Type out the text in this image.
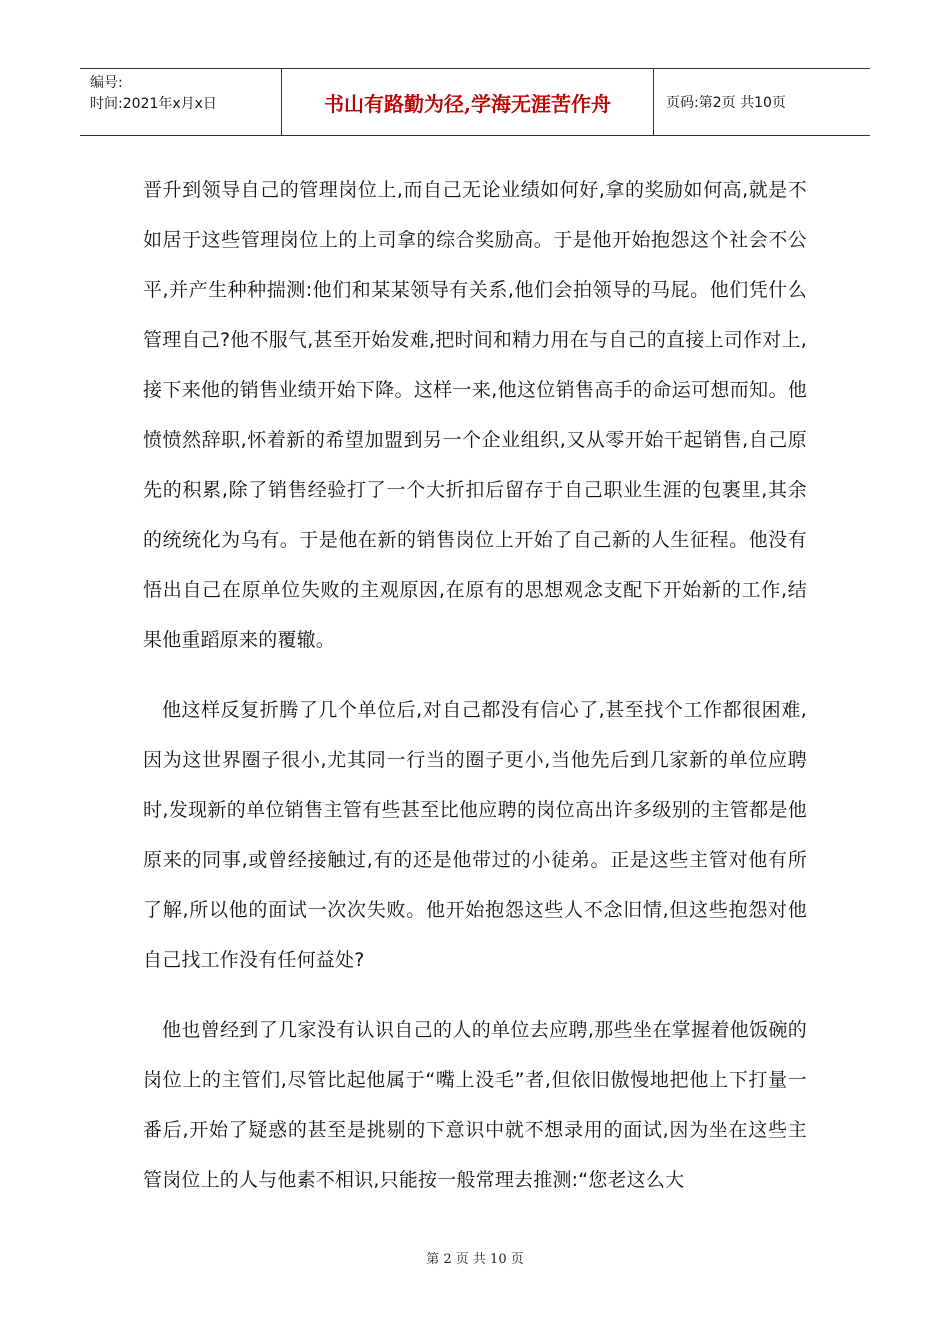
编号:
时间:2021年x月x日	书山有路勤为径,学海无涯苦作舟	页码:第2页 共10页

晋升到领导自己的管理岗位上,而自己无论业绩如何好,拿的奖励如何高,就是不如居于这些管理岗位上的上司拿的综合奖励高。于是他开始抱怨这个社会不公平,并产生种种揣测:他们和某某领导有关系,他们会拍领导的马屁。他们凭什么管理自己?他不服气,甚至开始发难,把时间和精力用在与自己的直接上司作对上,接下来他的销售业绩开始下降。这样一来,他这位销售高手的命运可想而知。他愤愤然辞职,怀着新的希望加盟到另一个企业组织,又从零开始干起销售,自己原先的积累,除了销售经验打了一个大折扣后留存于自己职业生涯的包裹里,其余的统统化为乌有。于是他在新的销售岗位上开始了自己新的人生征程。他没有悟出自己在原单位失败的主观原因,在原有的思想观念支配下开始新的工作,结果他重蹈原来的覆辙。

他这样反复折腾了几个单位后,对自己都没有信心了,甚至找个工作都很困难,因为这世界圈子很小,尤其同一行当的圈子更小,当他先后到几家新的单位应聘时,发现新的单位销售主管有些甚至比他应聘的岗位高出许多级别的主管都是他原来的同事,或曾经接触过,有的还是他带过的小徒弟。正是这些主管对他有所了解,所以他的面试一次次失败。他开始抱怨这些人不念旧情,但这些抱怨对他自己找工作没有任何益处?

他也曾经到了几家没有认识自己的人的单位去应聘,那些坐在掌握着他饭碗的岗位上的主管们,尽管比起他属于“嘴上没毛”者,但依旧傲慢地把他上下打量一番后,开始了疑惑的甚至是挑剔的下意识中就不想录用的面试,因为坐在这些主管岗位上的人与他素不相识,只能按一般常理去推测:“您老这么大

第 2 页 共 10 页
